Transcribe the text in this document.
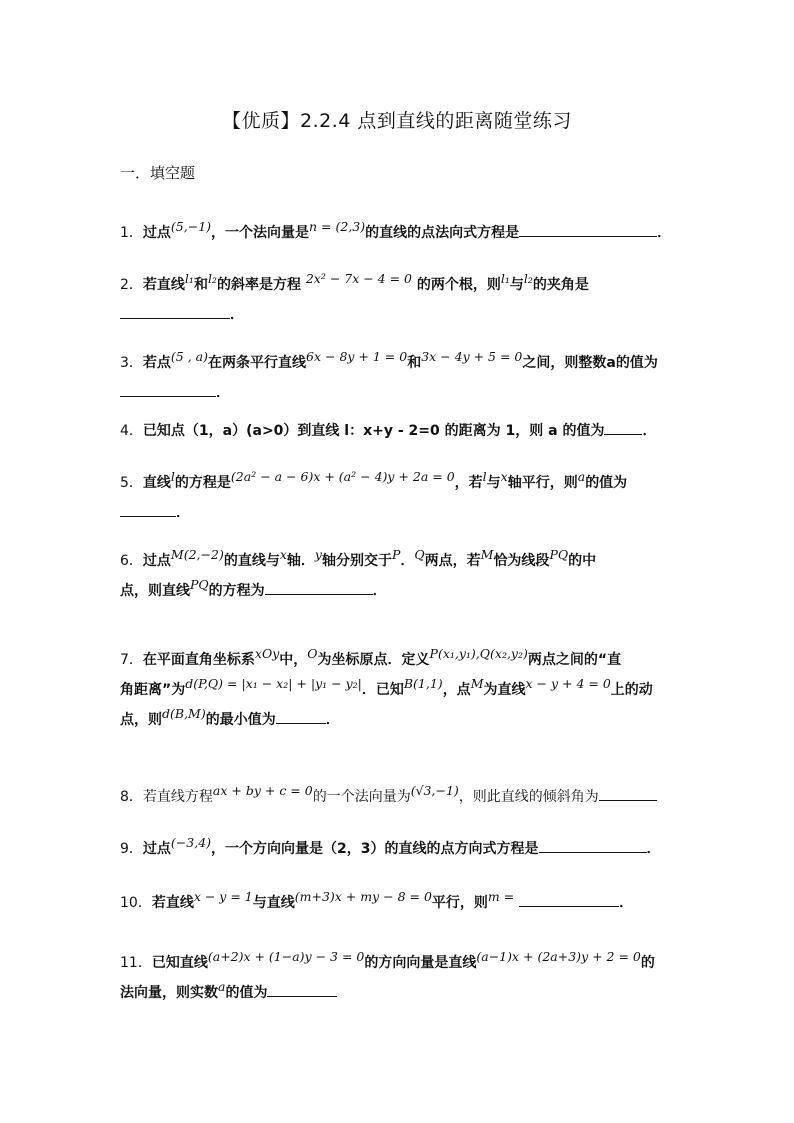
【优质】2.2.4 点到直线的距离随堂练习
一．填空题
1．过点(5,−1)，一个法向量是n = (2,3)的直线的点法向式方程是	．
2．若直线l₁和l₂的斜率是方程 2x² − 7x − 4 = 0 的两个根，则l₁与l₂的夹角是
．
3．若点(5 , a)在两条平行直线6x − 8y + 1 = 0和3x − 4y + 5 = 0之间，则整数a的值为
．
4．已知点（1，a）(a>0）到直线 l：x+y - 2=0 的距离为 1，则 a 的值为	．
5．直线l的方程是(2a² − a − 6)x + (a² − 4)y + 2a = 0，若l与x轴平行，则a的值为
．
6．过点M(2,−2)的直线与x轴．y轴分别交于P．Q两点，若M恰为线段PQ的中
点，则直线PQ的方程为	．
7．在平面直角坐标系xOy中，O为坐标原点．定义P(x₁,y₁),Q(x₂,y₂)两点之间的“直
角距离”为d(P,Q) = |x₁ − x₂| + |y₁ − y₂|．已知B(1,1)，点M为直线x − y + 4 = 0上的动
点，则d(B,M)的最小值为	．
8．若直线方程ax + by + c = 0的一个法向量为(√3,−1)，则此直线的倾斜角为
9．过点(−3,4)，一个方向向量是（2，3）的直线的点方向式方程是	．
10．若直线x − y = 1与直线(m+3)x + my − 8 = 0平行，则m =	．
11．已知直线(a+2)x + (1−a)y − 3 = 0的方向向量是直线(a−1)x + (2a+3)y + 2 = 0的
法向量，则实数a的值为
